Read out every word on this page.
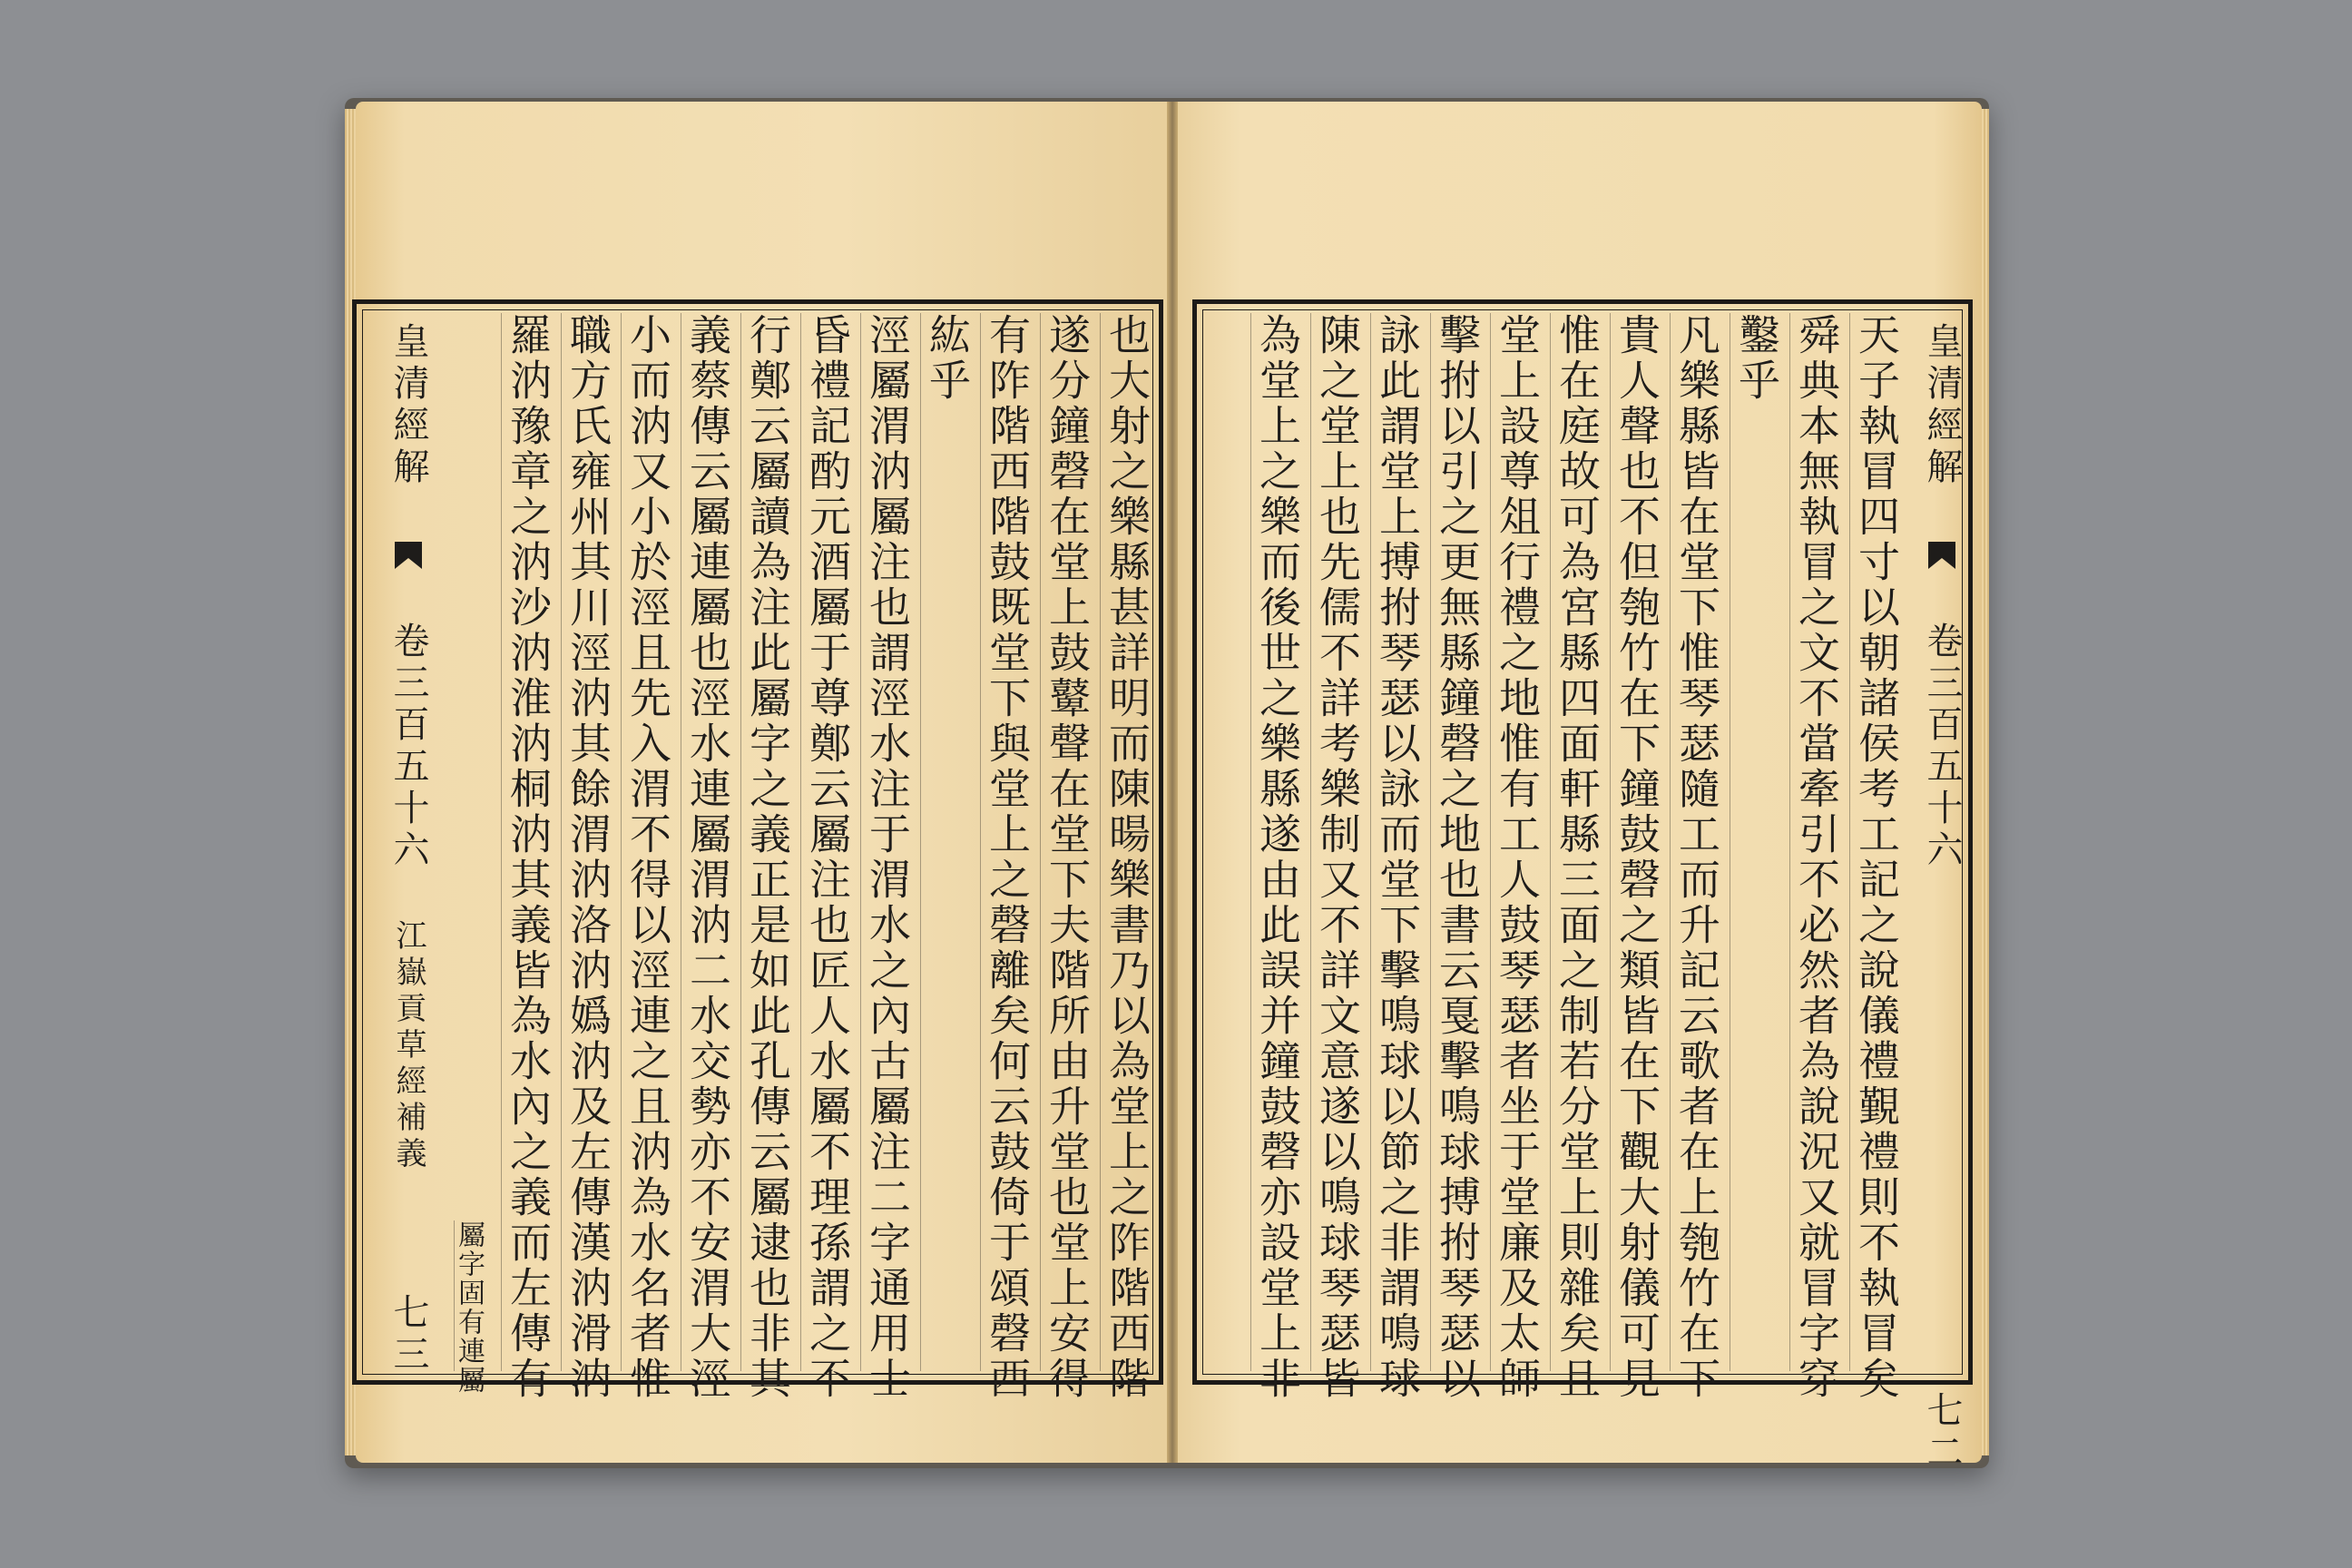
也大射之樂縣甚詳明而陳暘樂書乃以為堂上之阼階西階
遂分鐘磬在堂上鼓鼙聲在堂下夫階所由升堂也堂上安得
有阼階西階鼓既堂下與堂上之磬離矣何云鼓倚于頌磬西
紘乎
涇屬渭汭屬注也謂涇水注于渭水之內古屬注二字通用士
昏禮記酌元酒屬于尊鄭云屬注也匠人水屬不理孫謂之不
行鄭云屬讀為注此屬字之義正是如此孔傳云屬逮也非其
義蔡傳云屬連屬也涇水連屬渭汭二水交勢亦不安渭大涇
小而汭又小於涇且先入渭不得以涇連之且汭為水名者惟
職方氏雍州其川涇汭其餘渭汭洛汭嬀汭及左傳漢汭滑汭
羅汭豫章之汭沙汭淮汭桐汭其義皆為水內之義而左傳有
屬字固有連屬
皇清經解  卷三百五十六 江嶽貢草經補義 七三
皇清經解  卷三百五十六 七二
天子執冒四寸以朝諸侯考工記之說儀禮覲禮則不執冒矣
舜典本無執冒之文不當牽引不必然者為說況又就冒字穿
鑿乎
凡樂縣皆在堂下惟琴瑟隨工而升記云歌者在上匏竹在下
貴人聲也不但匏竹在下鐘鼓磬之類皆在下觀大射儀可見
惟在庭故可為宮縣四面軒縣三面之制若分堂上則雜矣且
堂上設尊俎行禮之地惟有工人鼓琴瑟者坐于堂廉及太師
擊拊以引之更無縣鐘磬之地也書云戛擊鳴球搏拊琴瑟以
詠此謂堂上搏拊琴瑟以詠而堂下擊鳴球以節之非謂鳴球
陳之堂上也先儒不詳考樂制又不詳文意遂以鳴球琴瑟皆
為堂上之樂而後世之樂縣遂由此誤并鐘鼓磬亦設堂上非
